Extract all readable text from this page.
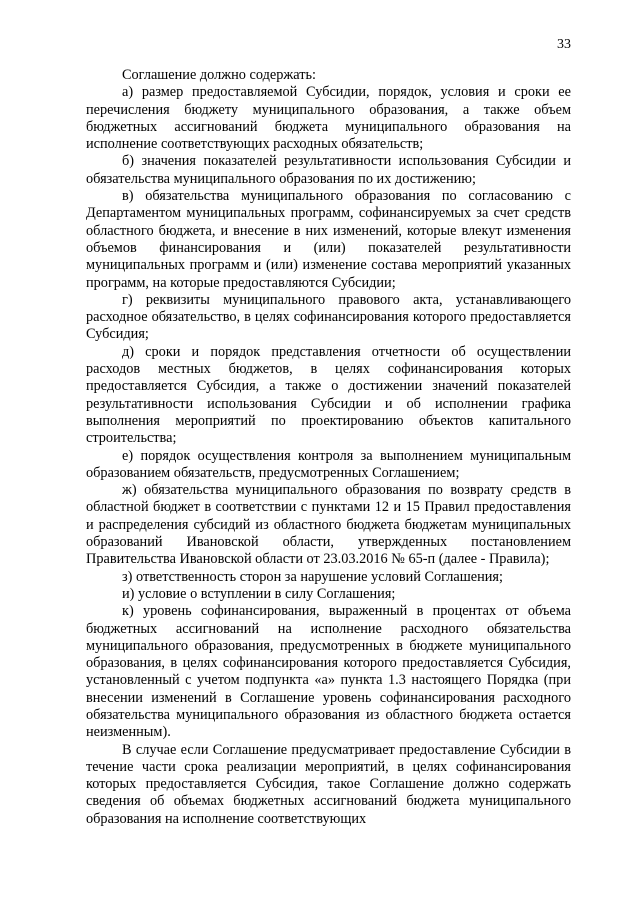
33

Соглашение должно содержать:

а) размер предоставляемой Субсидии, порядок, условия и сроки ее перечисления бюджету муниципального образования, а также объем бюджетных ассигнований бюджета муниципального образования на исполнение соответствующих расходных обязательств;

б) значения показателей результативности использования Субсидии и обязательства муниципального образования по их достижению;

в) обязательства муниципального образования по согласованию с Департаментом муниципальных программ, софинансируемых за счет средств областного бюджета, и внесение в них изменений, которые влекут изменения объемов финансирования и (или) показателей результативности муниципальных программ и (или) изменение состава мероприятий указанных программ, на которые предоставляются Субсидии;

г) реквизиты муниципального правового акта, устанавливающего расходное обязательство, в целях софинансирования которого предоставляется Субсидия;

д) сроки и порядок представления отчетности об осуществлении расходов местных бюджетов, в целях софинансирования которых предоставляется Субсидия, а также о достижении значений показателей результативности использования Субсидии и об исполнении графика выполнения мероприятий по проектированию объектов капитального строительства;

е) порядок осуществления контроля за выполнением муниципальным образованием обязательств, предусмотренных Соглашением;

ж) обязательства муниципального образования по возврату средств в областной бюджет в соответствии с пунктами 12 и 15 Правил предоставления и распределения субсидий из областного бюджета бюджетам муниципальных образований Ивановской области, утвержденных постановлением Правительства Ивановской области от 23.03.2016 № 65-п (далее - Правила);

з) ответственность сторон за нарушение условий Соглашения;

и) условие о вступлении в силу Соглашения;

к) уровень софинансирования, выраженный в процентах от объема бюджетных ассигнований на исполнение расходного обязательства муниципального образования, предусмотренных в бюджете муниципального образования, в целях софинансирования которого предоставляется Субсидия, установленный с учетом подпункта «а» пункта 1.3 настоящего Порядка (при внесении изменений в Соглашение уровень софинансирования расходного обязательства муниципального образования из областного бюджета остается неизменным).

В случае если Соглашение предусматривает предоставление Субсидии в течение части срока реализации мероприятий, в целях софинансирования которых предоставляется Субсидия, такое Соглашение должно содержать сведения об объемах бюджетных ассигнований бюджета муниципального образования на исполнение соответствующих
